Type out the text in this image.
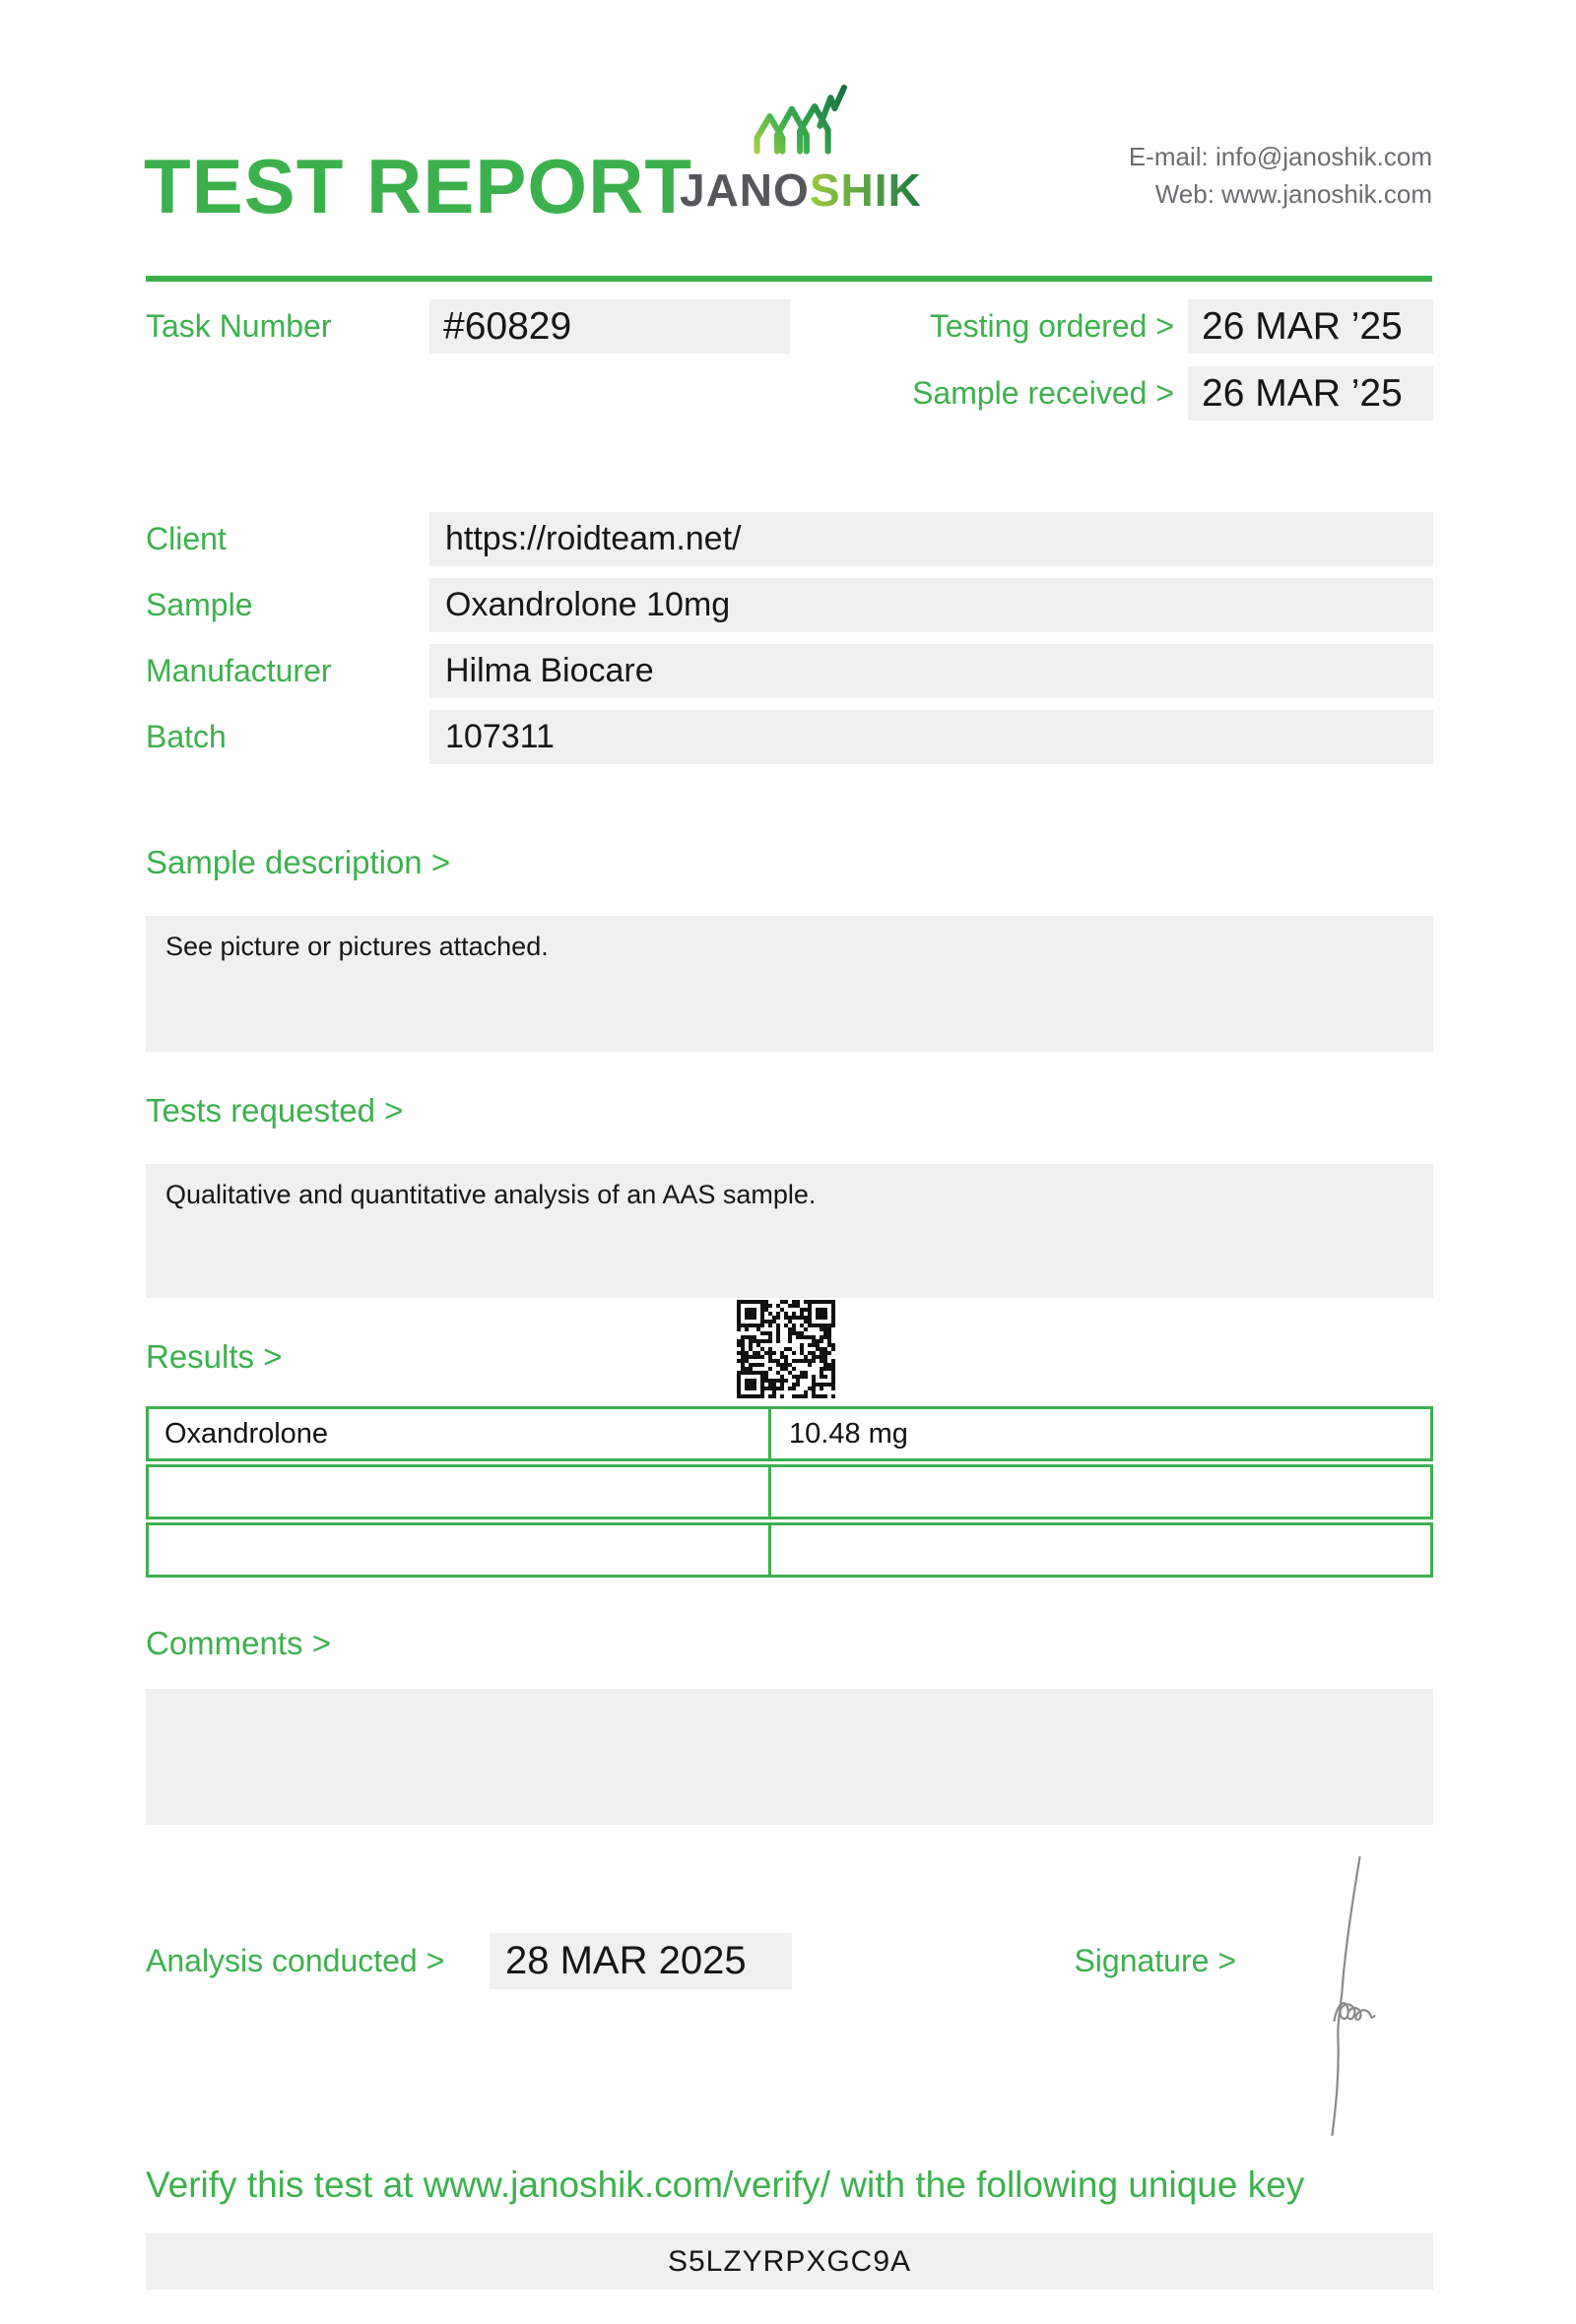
TEST REPORT
JANOSHIK
E-mail: info@janoshik.com
Web: www.janoshik.com
Task Number	#60829	Testing ordered > 26 MAR ’25
Sample received > 26 MAR ’25
Client	https://roidteam.net/
Sample	Oxandrolone 10mg
Manufacturer	Hilma Biocare
Batch	107311
Sample description >
See picture or pictures attached.
Tests requested >
Qualitative and quantitative analysis of an AAS sample.
Results >
Oxandrolone	10.48 mg
Comments >
Analysis conducted >	28 MAR 2025	Signature >
Verify this test at www.janoshik.com/verify/ with the following unique key
S5LZYRPXGC9A
